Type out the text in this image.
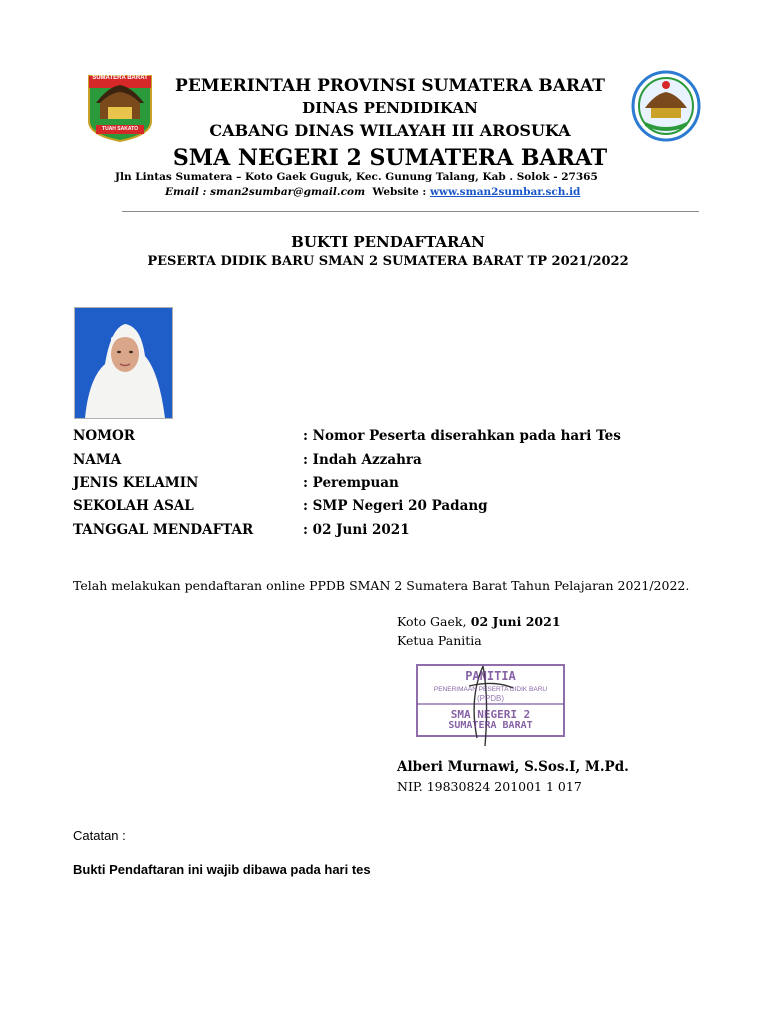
SUMATERA BARAT
TUAH SAKATO
PEMERINTAH PROVINSI SUMATERA BARAT
DINAS PENDIDIKAN
CABANG DINAS WILAYAH III AROSUKA
SMA NEGERI 2 SUMATERA BARAT
Jln Lintas Sumatera – Koto Gaek Guguk, Kec. Gunung Talang, Kab . Solok - 27365
Email : sman2sumbar@gmail.com Website : www.sman2sumbar.sch.id
BUKTI PENDAFTARAN
PESERTA DIDIK BARU SMAN 2 SUMATERA BARAT TP 2021/2022
NOMOR	: Nomor Peserta diserahkan pada hari Tes
NAMA	: Indah Azzahra
JENIS KELAMIN	: Perempuan
SEKOLAH ASAL	: SMP Negeri 20 Padang
TANGGAL MENDAFTAR	: 02 Juni 2021
Telah melakukan pendaftaran online PPDB SMAN 2 Sumatera Barat Tahun Pelajaran 2021/2022.
Koto Gaek, 02 Juni 2021
Ketua Panitia
PANITIA
PENERIMAAN PESERTA DIDIK BARU
(PPDB)
SMA NEGERI 2
SUMATERA BARAT
Alberi Murnawi, S.Sos.I, M.Pd.
NIP. 19830824 201001 1 017
Catatan :
Bukti Pendaftaran ini wajib dibawa pada hari tes
